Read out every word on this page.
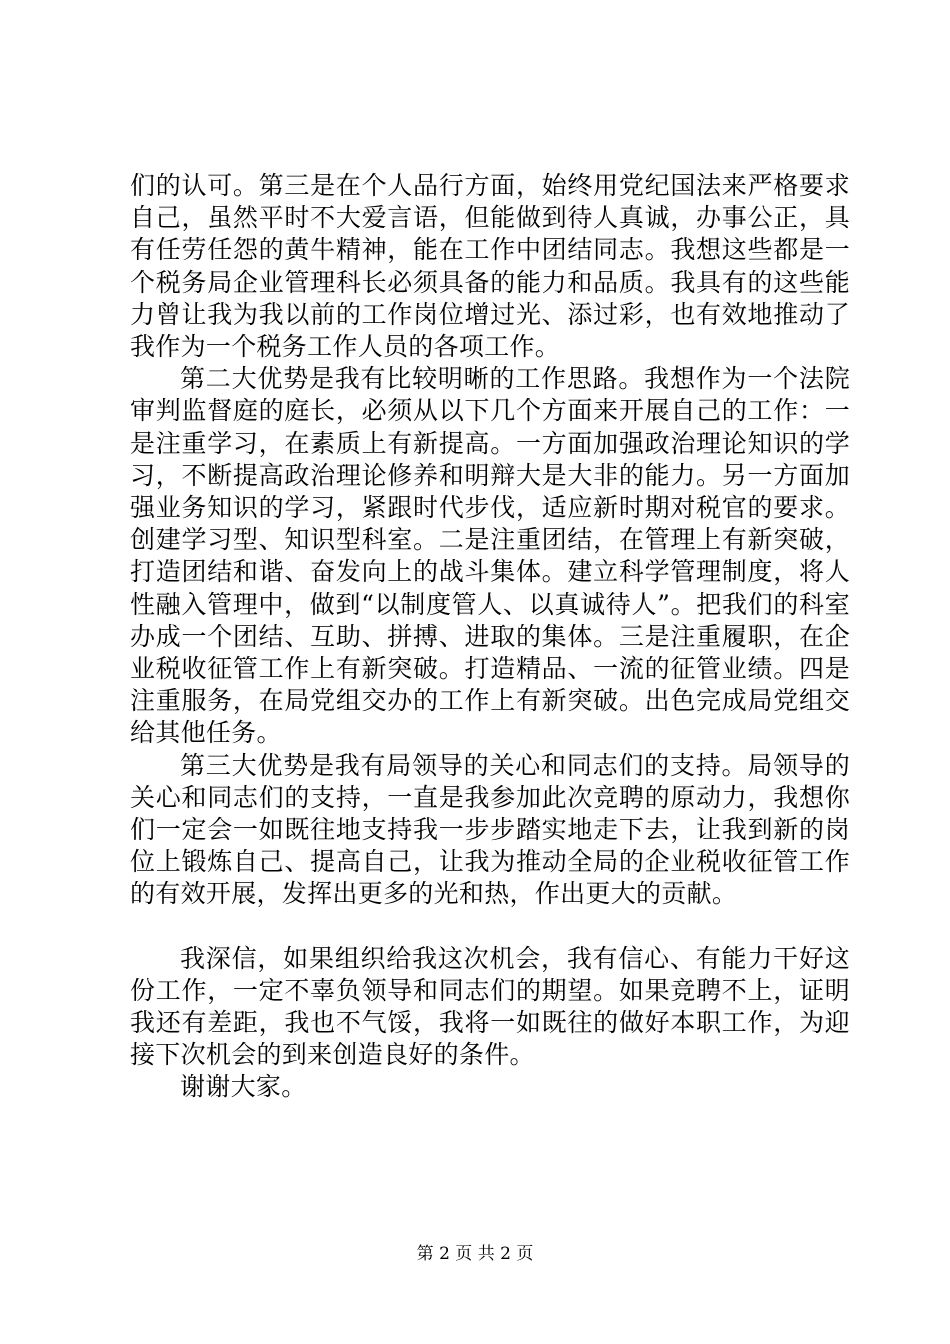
们的认可。第三是在个人品行方面，始终用党纪国法来严格要求自己，虽然平时不大爱言语，但能做到待人真诚，办事公正，具有任劳任怨的黄牛精神，能在工作中团结同志。我想这些都是一个税务局企业管理科长必须具备的能力和品质。我具有的这些能力曾让我为我以前的工作岗位增过光、添过彩，也有效地推动了我作为一个税务工作人员的各项工作。

第二大优势是我有比较明晰的工作思路。我想作为一个法院审判监督庭的庭长，必须从以下几个方面来开展自己的工作：一是注重学习，在素质上有新提高。一方面加强政治理论知识的学习，不断提高政治理论修养和明辩大是大非的能力。另一方面加强业务知识的学习，紧跟时代步伐，适应新时期对税官的要求。创建学习型、知识型科室。二是注重团结，在管理上有新突破，打造团结和谐、奋发向上的战斗集体。建立科学管理制度，将人性融入管理中，做到“以制度管人、以真诚待人”。把我们的科室办成一个团结、互助、拼搏、进取的集体。三是注重履职，在企业税收征管工作上有新突破。打造精品、一流的征管业绩。四是注重服务，在局党组交办的工作上有新突破。出色完成局党组交给其他任务。

第三大优势是我有局领导的关心和同志们的支持。局领导的关心和同志们的支持，一直是我参加此次竞聘的原动力，我想你们一定会一如既往地支持我一步步踏实地走下去，让我到新的岗位上锻炼自己、提高自己，让我为推动全局的企业税收征管工作的有效开展，发挥出更多的光和热，作出更大的贡献。

我深信，如果组织给我这次机会，我有信心、有能力干好这份工作，一定不辜负领导和同志们的期望。如果竞聘不上，证明我还有差距，我也不气馁，我将一如既往的做好本职工作，为迎接下次机会的到来创造良好的条件。

谢谢大家。

第 2 页 共 2 页
